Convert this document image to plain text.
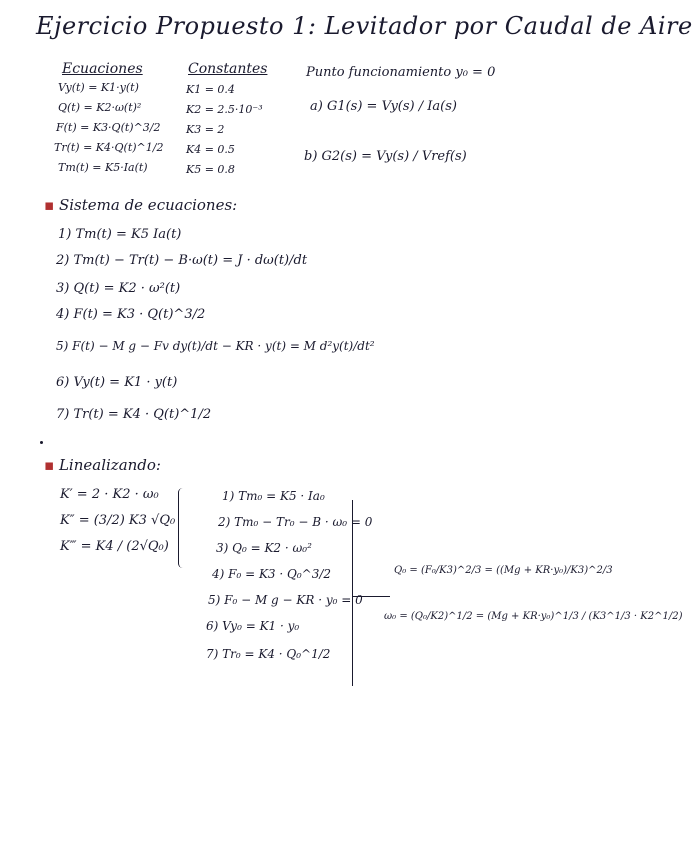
Ejercicio Propuesto 1: Levitador por Caudal de Aire
Ecuaciones
Vy(t) = K1·y(t)
Q(t) = K2·ω(t)²
F(t) = K3·Q(t)^3/2
Tr(t) = K4·Q(t)^1/2
Tm(t) = K5·Ia(t)
Constantes
K1 = 0.4
K2 = 2.5·10⁻³
K3 = 2
K4 = 0.5
K5 = 0.8
Punto funcionamiento y₀ = 0
a) G1(s) = Vy(s) / Ia(s)
b) G2(s) = Vy(s) / Vref(s)
▪ Sistema de ecuaciones:
1) Tm(t) = K5 Ia(t)
2) Tm(t) − Tr(t) − B·ω(t) = J · dω(t)/dt
3) Q(t) = K2 · ω²(t)
4) F(t) = K3 · Q(t)^3/2
5) F(t) − M g − Fv dy(t)/dt − KR · y(t) = M d²y(t)/dt²
6) Vy(t) = K1 · y(t)
7) Tr(t) = K4 · Q(t)^1/2
▪ Linealizando:
K′ = 2 · K2 · ω₀
K″ = (3/2) K3 √Q₀
K‴ = K4 / (2√Q₀)
1) Tm₀ = K5 · Ia₀
2) Tm₀ − Tr₀ − B · ω₀ = 0
3) Q₀ = K2 · ω₀²
4) F₀ = K3 · Q₀^3/2
5) F₀ − M g − KR · y₀ = 0
6) Vy₀ = K1 · y₀
7) Tr₀ = K4 · Q₀^1/2
Q₀ = (F₀/K3)^2/3 = ((Mg + KR·y₀)/K3)^2/3
ω₀ = (Q₀/K2)^1/2 = (Mg + KR·y₀)^1/3 / (K3^1/3 · K2^1/2)
